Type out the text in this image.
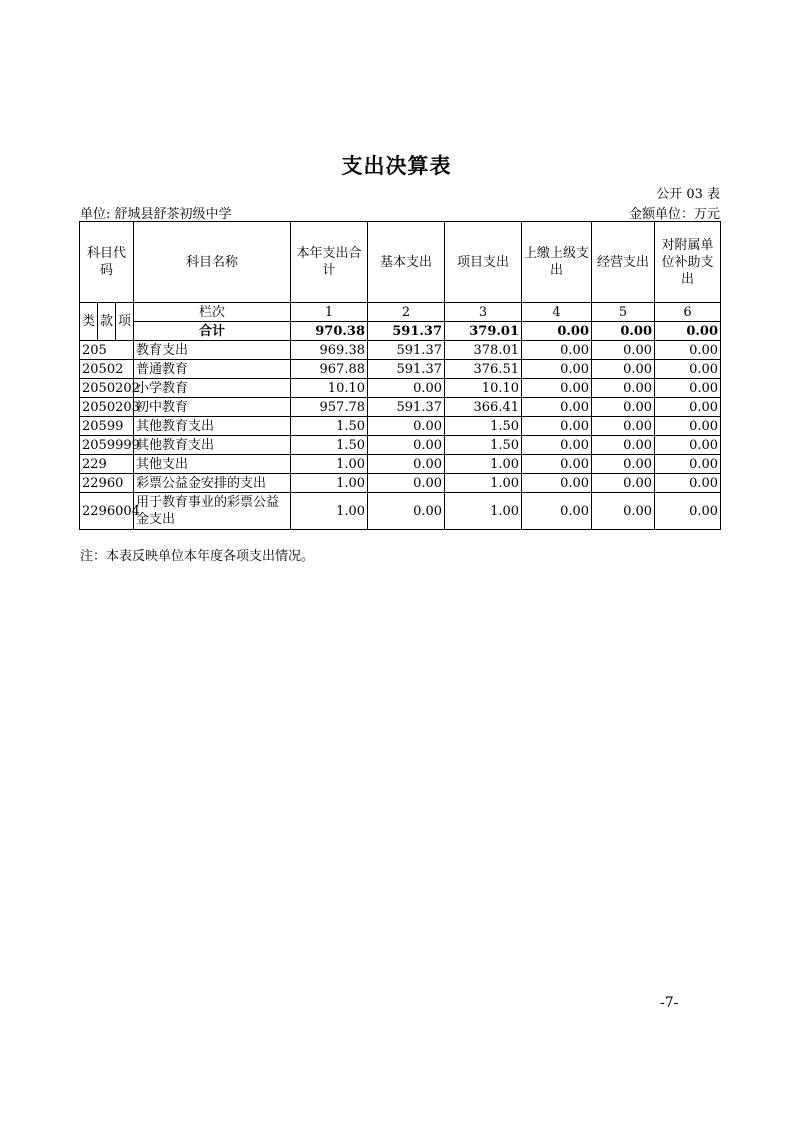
支出决算表
公开 03 表
单位: 舒城县舒茶初级中学	金额单位：万元
科目代码			科目名称	本年支出合计	基本支出	项目支出	上缴上级支出	经营支出	对附属单位补助支出
类	款	项	栏次	1	2	3	4	5	6
			合计	970.38	591.37	379.01	0.00	0.00	0.00
205			教育支出	969.38	591.37	378.01	0.00	0.00	0.00
20502			普通教育	967.88	591.37	376.51	0.00	0.00	0.00
2050202			小学教育	10.10	0.00	10.10	0.00	0.00	0.00
2050203			初中教育	957.78	591.37	366.41	0.00	0.00	0.00
20599			其他教育支出	1.50	0.00	1.50	0.00	0.00	0.00
2059999			其他教育支出	1.50	0.00	1.50	0.00	0.00	0.00
229			其他支出	1.00	0.00	1.00	0.00	0.00	0.00
22960			彩票公益金安排的支出	1.00	0.00	1.00	0.00	0.00	0.00
2296004			用于教育事业的彩票公益金支出	1.00	0.00	1.00	0.00	0.00	0.00
注：本表反映单位本年度各项支出情况。
-7-
